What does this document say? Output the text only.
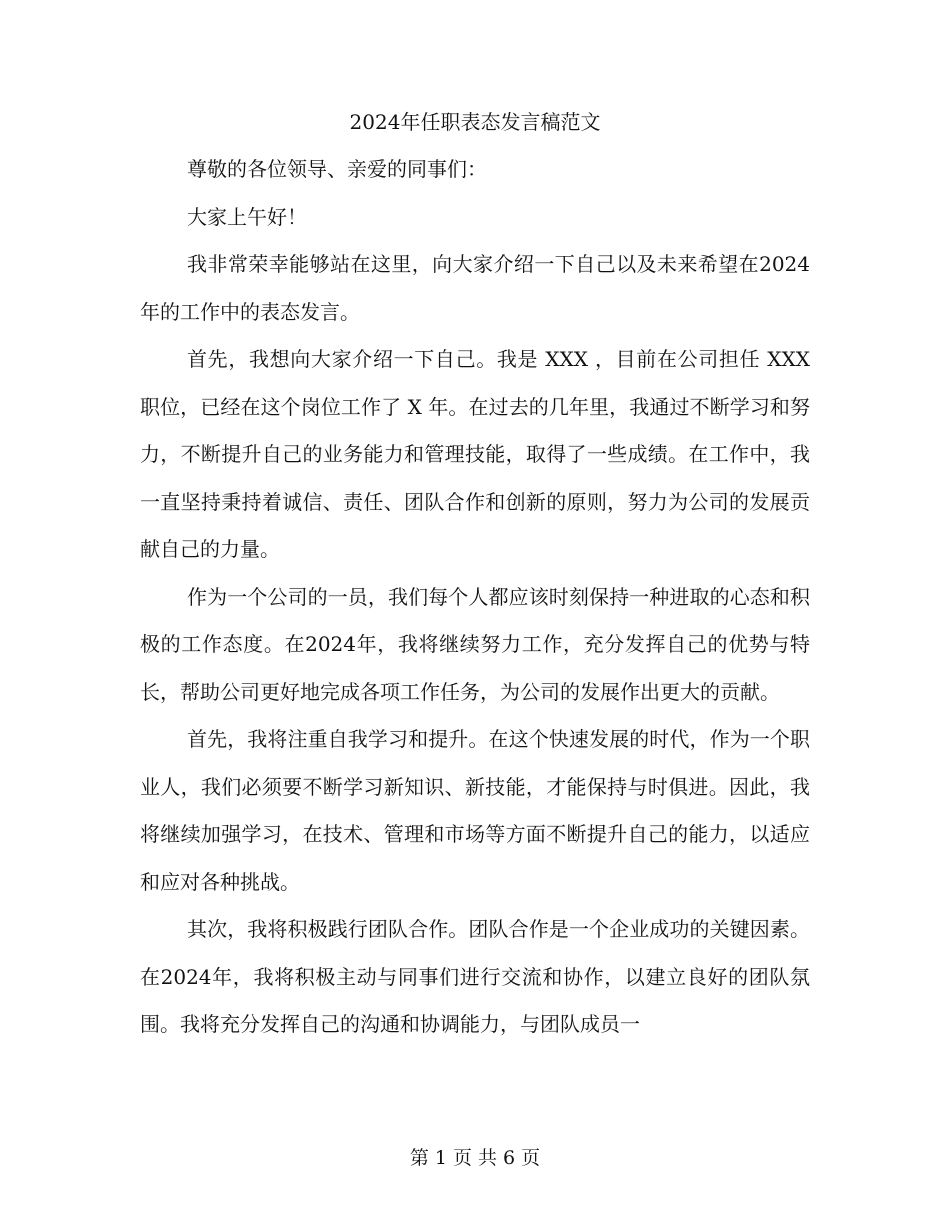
2024年任职表态发言稿范文

尊敬的各位领导、亲爱的同事们：

大家上午好！

我非常荣幸能够站在这里，向大家介绍一下自己以及未来希望在2024年的工作中的表态发言。

首先，我想向大家介绍一下自己。我是 XXX ，目前在公司担任 XXX 职位，已经在这个岗位工作了 X 年。在过去的几年里，我通过不断学习和努力，不断提升自己的业务能力和管理技能，取得了一些成绩。在工作中，我一直坚持秉持着诚信、责任、团队合作和创新的原则，努力为公司的发展贡献自己的力量。

作为一个公司的一员，我们每个人都应该时刻保持一种进取的心态和积极的工作态度。在2024年，我将继续努力工作，充分发挥自己的优势与特长，帮助公司更好地完成各项工作任务，为公司的发展作出更大的贡献。

首先，我将注重自我学习和提升。在这个快速发展的时代，作为一个职业人，我们必须要不断学习新知识、新技能，才能保持与时俱进。因此，我将继续加强学习，在技术、管理和市场等方面不断提升自己的能力，以适应和应对各种挑战。

其次，我将积极践行团队合作。团队合作是一个企业成功的关键因素。在2024年，我将积极主动与同事们进行交流和协作，以建立良好的团队氛围。我将充分发挥自己的沟通和协调能力，与团队成员一

第 1 页 共 6 页
